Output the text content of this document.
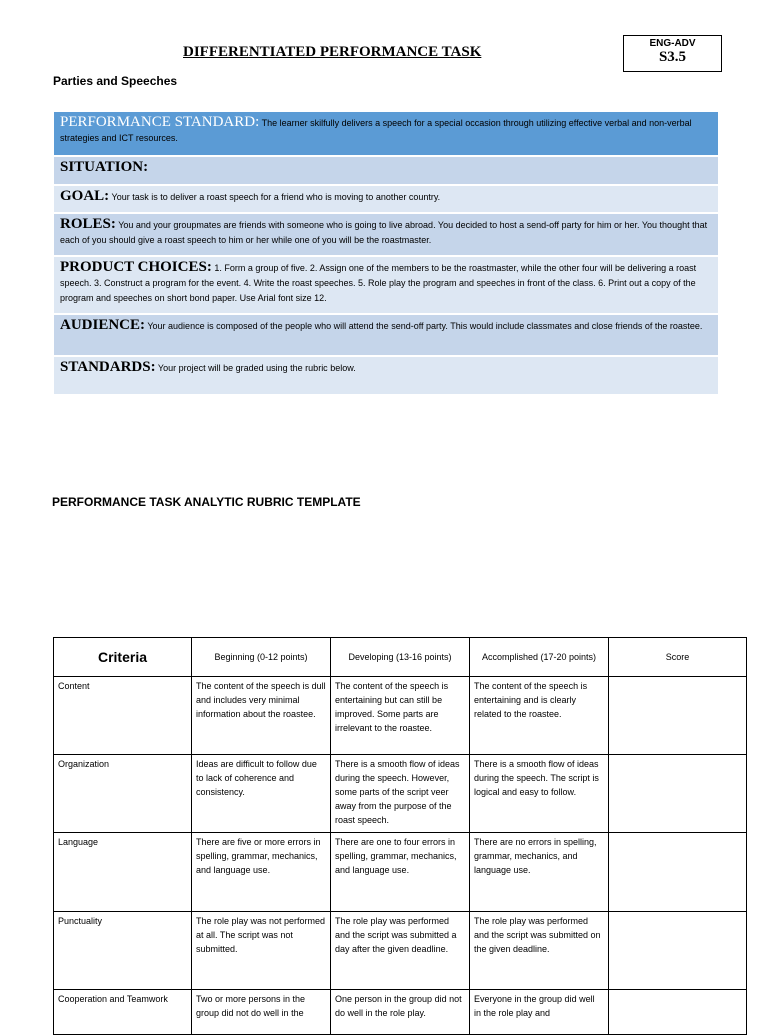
DIFFERENTIATED PERFORMANCE TASK
ENG-ADV
S3.5
Parties and Speeches
PERFORMANCE STANDARD: The learner skilfully delivers a speech for a special occasion through utilizing effective verbal and non-verbal strategies and ICT resources.
SITUATION:
GOAL: Your task is to deliver a roast speech for a friend who is moving to another country.
ROLES: You and your groupmates are friends with someone who is going to live abroad. You decided to host a send-off party for him or her. You thought that each of you should give a roast speech to him or her while one of you will be the roastmaster.
PRODUCT CHOICES: 1. Form a group of five. 2. Assign one of the members to be the roastmaster, while the other four will be delivering a roast speech. 3. Construct a program for the event. 4. Write the roast speeches. 5. Role play the program and speeches in front of the class. 6. Print out a copy of the program and speeches on short bond paper. Use Arial font size 12.
AUDIENCE: Your audience is composed of the people who will attend the send-off party. This would include classmates and close friends of the roastee.
STANDARDS: Your project will be graded using the rubric below.
PERFORMANCE TASK ANALYTIC RUBRIC TEMPLATE
Criteria	Beginning (0-12 points)	Developing (13-16 points)	Accomplished (17-20 points)	Score
Content	The content of the speech is dull and includes very minimal information about the roastee.	The content of the speech is entertaining but can still be improved. Some parts are irrelevant to the roastee.	The content of the speech is entertaining and is clearly related to the roastee.	
Organization	Ideas are difficult to follow due to lack of coherence and consistency.	There is a smooth flow of ideas during the speech. However, some parts of the script veer away from the purpose of the roast speech.	There is a smooth flow of ideas during the speech. The script is logical and easy to follow.	
Language	There are five or more errors in spelling, grammar, mechanics, and language use.	There are one to four errors in spelling, grammar, mechanics, and language use.	There are no errors in spelling, grammar, mechanics, and language use.	
Punctuality	The role play was not performed at all. The script was not submitted.	The role play was performed and the script was submitted a day after the given deadline.	The role play was performed and the script was submitted on the given deadline.	
Cooperation and Teamwork	Two or more persons in the group did not do well in the	One person in the group did not do well in the role play.	Everyone in the group did well in the role play and	
